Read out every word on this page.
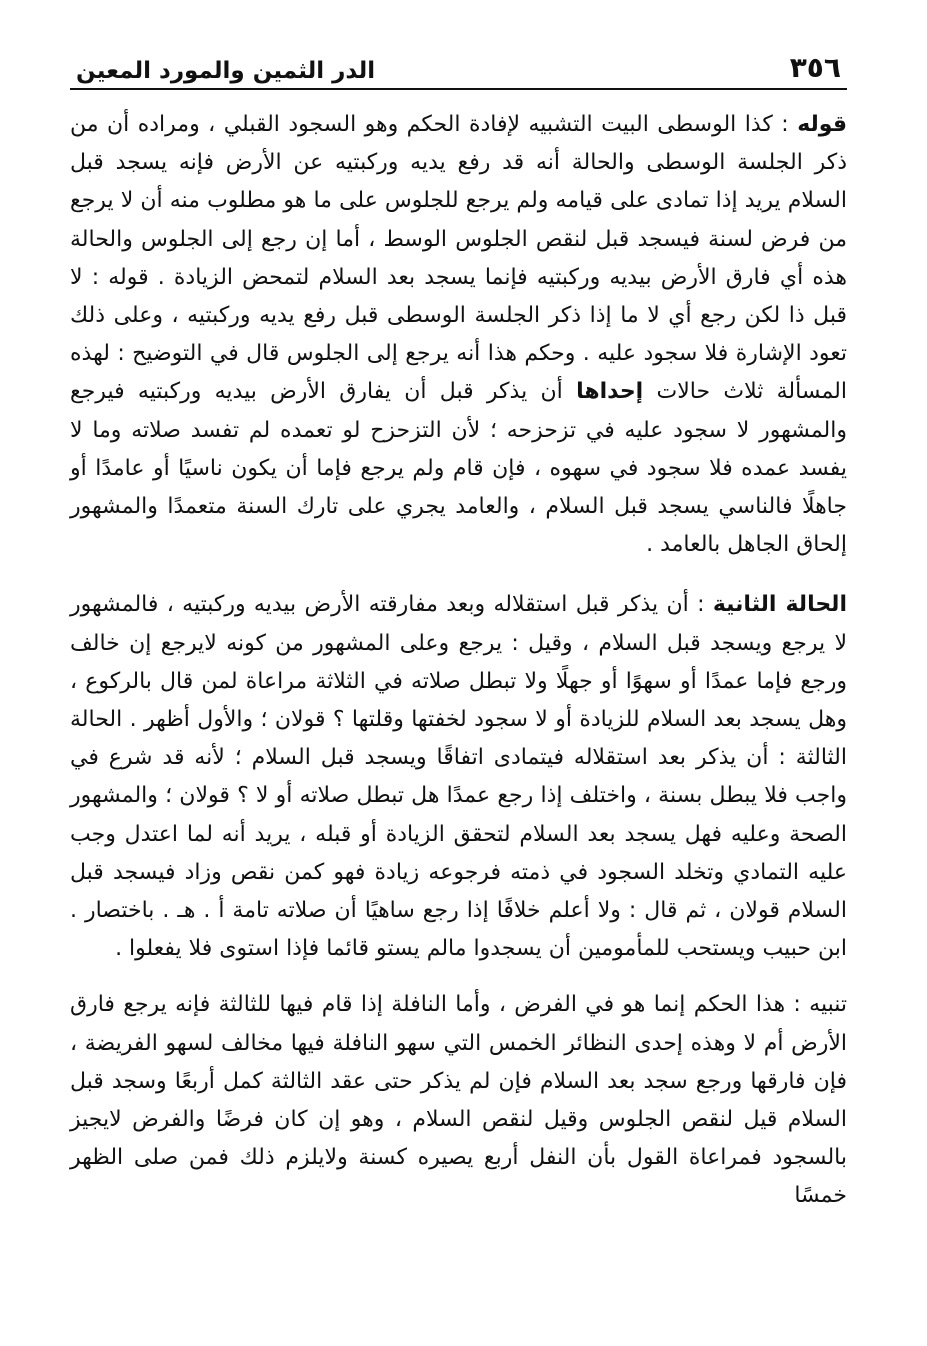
٣٥٦
الدر الثمين والمورد المعين

قوله : كذا الوسطى البيت التشبيه لإفادة الحكم وهو السجود القبلي ، ومراده أن من ذكر الجلسة الوسطى والحالة أنه قد رفع يديه وركبتيه عن الأرض فإنه يسجد قبل السلام يريد إذا تمادى على قيامه ولم يرجع للجلوس على ما هو مطلوب منه أن لا يرجع من فرض لسنة فيسجد قبل لنقص الجلوس الوسط ، أما إن رجع إلى الجلوس والحالة هذه أي فارق الأرض بيديه وركبتيه فإنما يسجد بعد السلام لتمحض الزيادة . قوله : لا قبل ذا لكن رجع أي لا ما إذا ذكر الجلسة الوسطى قبل رفع يديه وركبتيه ، وعلى ذلك تعود الإشارة فلا سجود عليه . وحكم هذا أنه يرجع إلى الجلوس قال في التوضيح : لهذه المسألة ثلاث حالات إحداها أن يذكر قبل أن يفارق الأرض بيديه وركبتيه فيرجع والمشهور لا سجود عليه في تزحزحه ؛ لأن التزحزح لو تعمده لم تفسد صلاته وما لا يفسد عمده فلا سجود في سهوه ، فإن قام ولم يرجع فإما أن يكون ناسيًا أو عامدًا أو جاهلًا فالناسي يسجد قبل السلام ، والعامد يجري على تارك السنة متعمدًا والمشهور إلحاق الجاهل بالعامد .

الحالة الثانية : أن يذكر قبل استقلاله وبعد مفارقته الأرض بيديه وركبتيه ، فالمشهور لا يرجع ويسجد قبل السلام ، وقيل : يرجع وعلى المشهور من كونه لايرجع إن خالف ورجع فإما عمدًا أو سهوًا أو جهلًا ولا تبطل صلاته في الثلاثة مراعاة لمن قال بالركوع ، وهل يسجد بعد السلام للزيادة أو لا سجود لخفتها وقلتها ؟ قولان ؛ والأول أظهر . الحالة الثالثة : أن يذكر بعد استقلاله فيتمادى اتفاقًا ويسجد قبل السلام ؛ لأنه قد شرع في واجب فلا يبطل بسنة ، واختلف إذا رجع عمدًا هل تبطل صلاته أو لا ؟ قولان ؛ والمشهور الصحة وعليه فهل يسجد بعد السلام لتحقق الزيادة أو قبله ، يريد أنه لما اعتدل وجب عليه التمادي وتخلد السجود في ذمته فرجوعه زيادة فهو كمن نقص وزاد فيسجد قبل السلام قولان ، ثم قال : ولا أعلم خلافًا إذا رجع ساهيًا أن صلاته تامة أ . هـ . باختصار . ابن حبيب ويستحب للمأمومين أن يسجدوا مالم يستو قائما فإذا استوى فلا يفعلوا .

تنبيه : هذا الحكم إنما هو في الفرض ، وأما النافلة إذا قام فيها للثالثة فإنه يرجع فارق الأرض أم لا وهذه إحدى النظائر الخمس التي سهو النافلة فيها مخالف لسهو الفريضة ، فإن فارقها ورجع سجد بعد السلام فإن لم يذكر حتى عقد الثالثة كمل أربعًا وسجد قبل السلام قيل لنقص الجلوس وقيل لنقص السلام ، وهو إن كان فرضًا والفرض لايجيز بالسجود فمراعاة القول بأن النفل أربع يصيره كسنة ولايلزم ذلك فمن صلى الظهر خمسًا
